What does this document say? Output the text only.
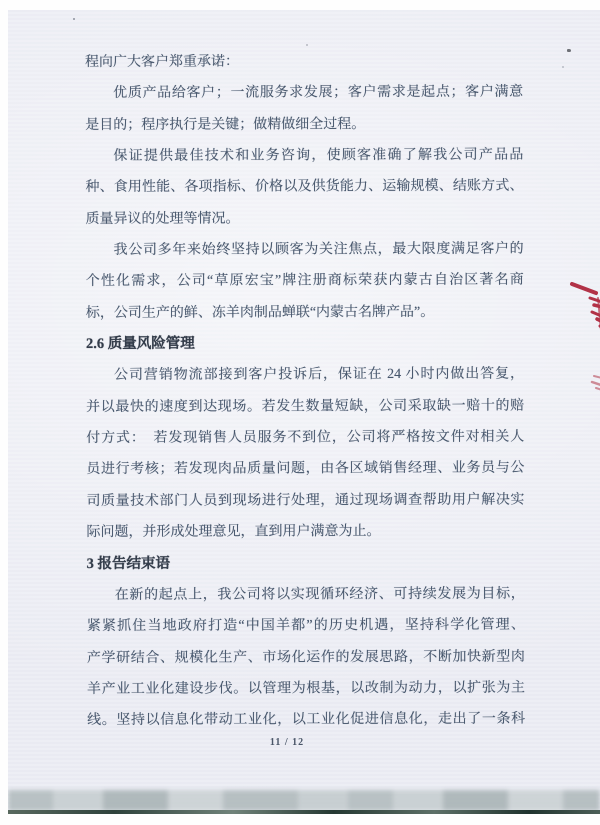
程向广大客户郑重承诺：
优质产品给客户；一流服务求发展；客户需求是起点；客户满意
是目的；程序执行是关键；做精做细全过程。
保证提供最佳技术和业务咨询，使顾客准确了解我公司产品品
种、食用性能、各项指标、价格以及供货能力、运输规模、结账方式、
质量异议的处理等情况。
我公司多年来始终坚持以顾客为关注焦点，最大限度满足客户的
个性化需求，公司“草原宏宝”牌注册商标荣获内蒙古自治区著名商
标，公司生产的鲜、冻羊肉制品蝉联“内蒙古名牌产品”。
2.6 质量风险管理
公司营销物流部接到客户投诉后，保证在 24 小时内做出答复，
并以最快的速度到达现场。若发生数量短缺，公司采取缺一赔十的赔
付方式：　若发现销售人员服务不到位，公司将严格按文件对相关人
员进行考核；若发现肉品质量问题，由各区域销售经理、业务员与公
司质量技术部门人员到现场进行处理，通过现场调查帮助用户解决实
际问题，并形成处理意见，直到用户满意为止。
3 报告结束语
在新的起点上，我公司将以实现循环经济、可持续发展为目标，
紧紧抓住当地政府打造“中国羊都”的历史机遇，坚持科学化管理、
产学研结合、规模化生产、市场化运作的发展思路，不断加快新型肉
羊产业工业化建设步伐。以管理为根基，以改制为动力，以扩张为主
线。坚持以信息化带动工业化，以工业化促进信息化，走出了一条科
11 / 12
